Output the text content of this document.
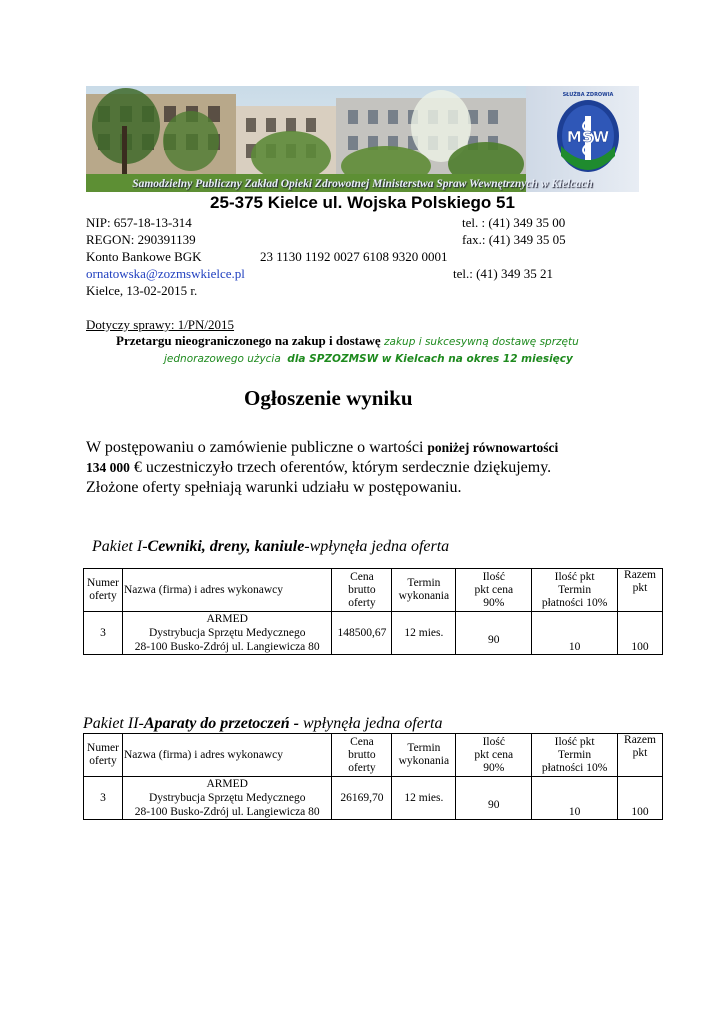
MSW
SŁUŻBA ZDROWIA
Samodzielny Publiczny Zakład Opieki Zdrowotnej Ministerstwa Spraw Wewnętrznych w Kielcach
25-375 Kielce ul. Wojska Polskiego 51
NIP: 657-18-13-314	tel. : (41) 349 35 00
REGON: 290391139	fax.: (41) 349 35 05
Konto Bankowe BGK	23 1130 1192 0027 6108 9320 0001
ornatowska@zozmswkielce.pl	tel.: (41) 349 35 21
Kielce, 13-02-2015 r.
Dotyczy sprawy: 1/PN/2015
Przetargu nieograniczonego na zakup i dostawę zakup i sukcesywną dostawę sprzętu
jednorazowego użycia dla SPZOZMSW w Kielcach na okres 12 miesięcy
Ogłoszenie wyniku
W postępowaniu o zamówienie publiczne o wartości poniżej równowartości
134 000 € uczestniczyło trzech oferentów, którym serdecznie dziękujemy.
Złożone oferty spełniają warunki udziału w postępowaniu.
Pakiet I-Cewniki, dreny, kaniule-wpłynęła jedna oferta
Numer
oferty	Nazwa (firma) i adres wykonawcy	Cena
brutto
oferty	Termin
wykonania	Ilość
pkt cena
90%	Ilość pkt
Termin
płatności 10%	Razem
pkt
3	ARMED
Dystrybucja Sprzętu Medycznego
28-100 Busko-Zdrój ul. Langiewicza 80	148500,67	12 mies.	90	10	100
Pakiet II-Aparaty do przetoczeń - wpłynęła jedna oferta
Numer
oferty	Nazwa (firma) i adres wykonawcy	Cena
brutto
oferty	Termin
wykonania	Ilość
pkt cena
90%	Ilość pkt
Termin
płatności 10%	Razem
pkt
3	ARMED
Dystrybucja Sprzętu Medycznego
28-100 Busko-Zdrój ul. Langiewicza 80	26169,70	12 mies.	90	10	100
